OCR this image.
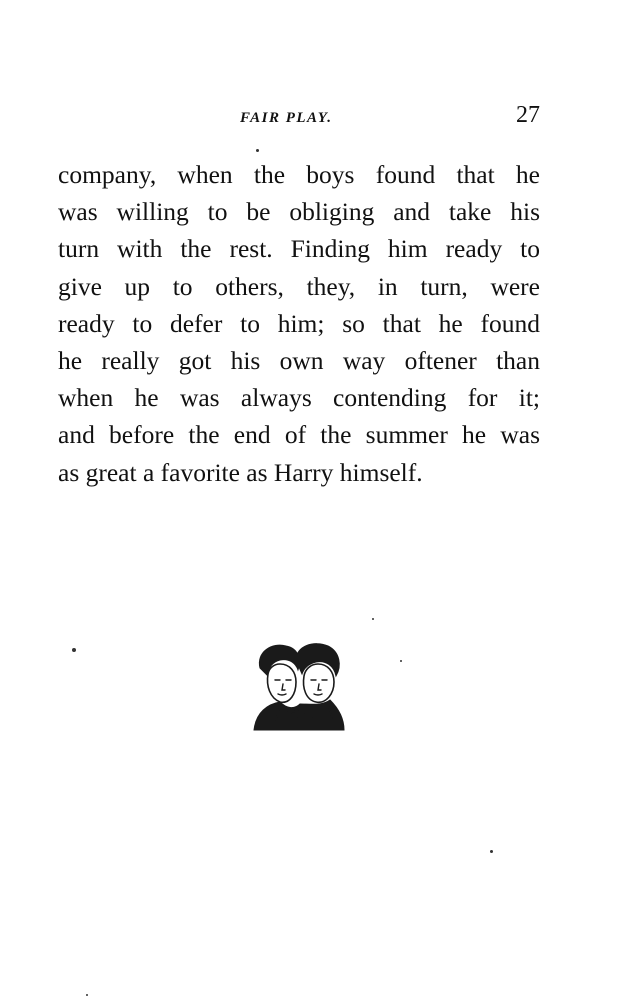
FAIR PLAY.	27
company, when the boys found that he
was willing to be obliging and take his
turn with the rest. Finding him ready to
give up to others, they, in turn, were
ready to defer to him; so that he found
he really got his own way oftener than
when he was always contending for it;
and before the end of the summer he was
as great a favorite as Harry himself.
